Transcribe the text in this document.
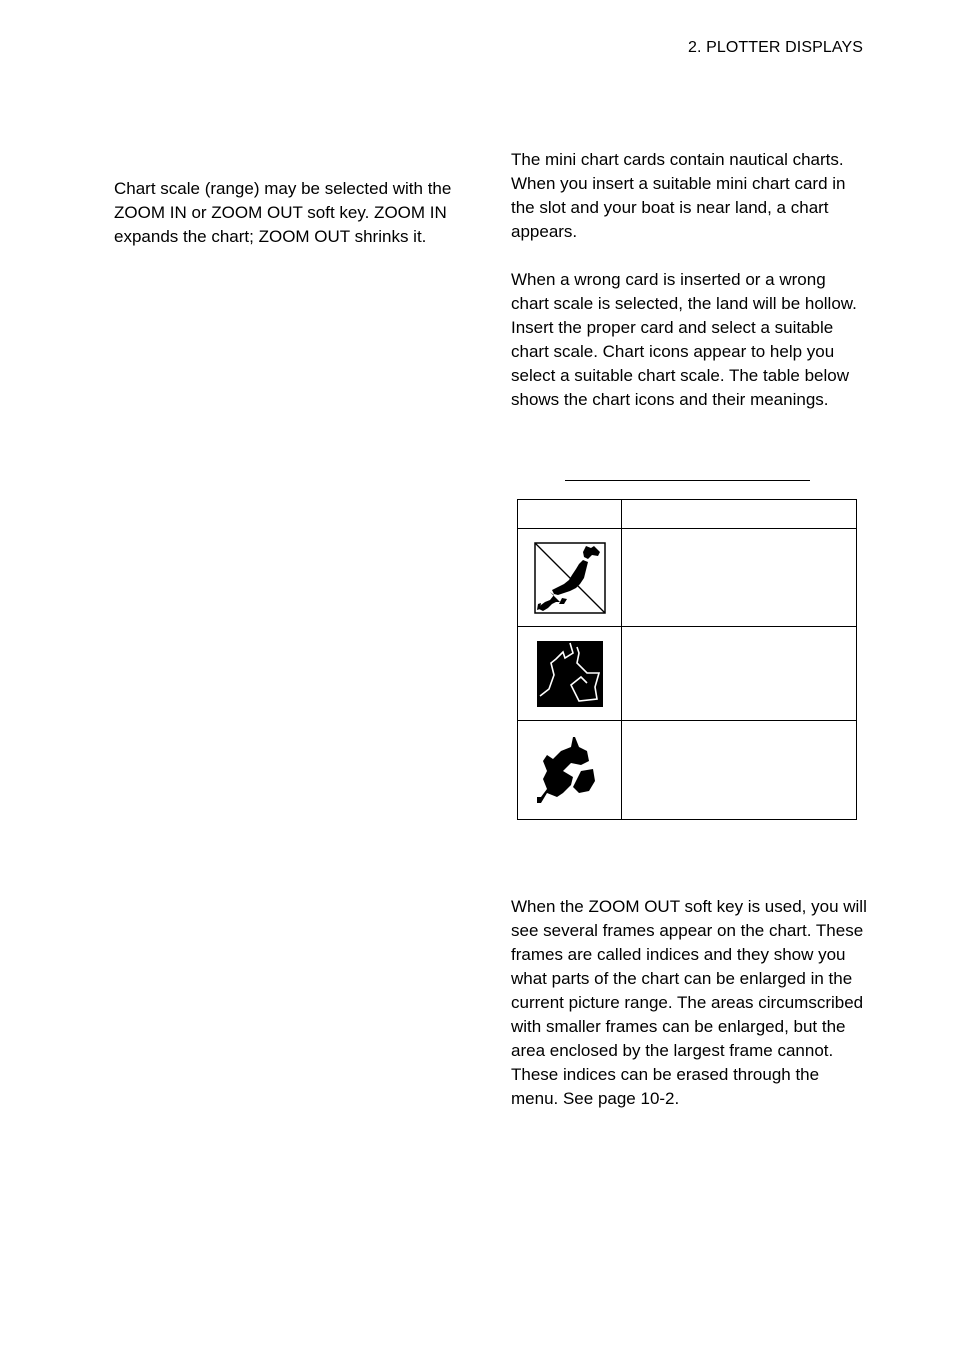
2. PLOTTER DISPLAYS

Chart scale (range) may be selected with the ZOOM IN or ZOOM OUT soft key. ZOOM IN expands the chart; ZOOM OUT shrinks it.

The mini chart cards contain nautical charts. When you insert a suitable mini chart card in the slot and your boat is near land, a chart appears.

When a wrong card is inserted or a wrong chart scale is selected, the land will be hollow. Insert the proper card and select a suitable chart scale. Chart icons appear to help you select a suitable chart scale. The table below shows the chart icons and their meanings.

When the ZOOM OUT soft key is used, you will see several frames appear on the chart. These frames are called indices and they show you what parts of the chart can be enlarged in the current picture range. The areas circumscribed with smaller frames can be enlarged, but the area enclosed by the largest frame cannot. These indices can be erased through the menu. See page 10-2.
